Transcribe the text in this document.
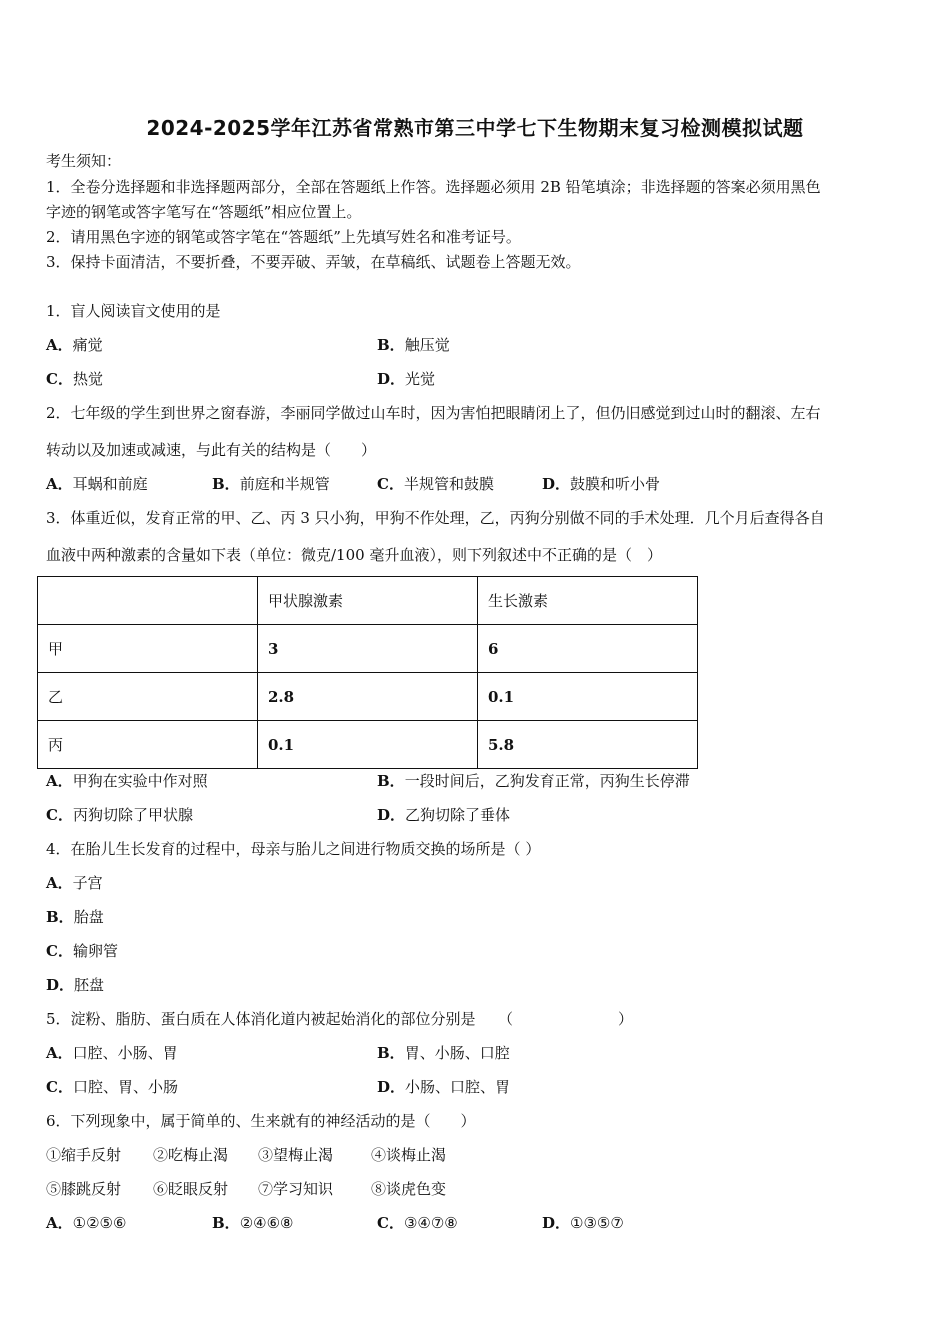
2024-2025学年江苏省常熟市第三中学七下生物期末复习检测模拟试题
考生须知：
1．全卷分选择题和非选择题两部分，全部在答题纸上作答。选择题必须用 2B 铅笔填涂；非选择题的答案必须用黑色
字迹的钢笔或答字笔写在“答题纸”相应位置上。
2．请用黑色字迹的钢笔或答字笔在“答题纸”上先填写姓名和准考证号。
3．保持卡面清洁，不要折叠，不要弄破、弄皱，在草稿纸、试题卷上答题无效。
1．盲人阅读盲文使用的是
A．痛觉	B．触压觉
C．热觉	D．光觉
2．七年级的学生到世界之窗春游，李丽同学做过山车时，因为害怕把眼睛闭上了，但仍旧感觉到过山时的翻滚、左右
转动以及加速或减速，与此有关的结构是（　　）
A．耳蜗和前庭	B．前庭和半规管	C．半规管和鼓膜	D．鼓膜和听小骨
3．体重近似，发育正常的甲、乙、丙 3 只小狗，甲狗不作处理，乙，丙狗分别做不同的手术处理．几个月后查得各自
血液中两种激素的含量如下表（单位：微克/100 毫升血液），则下列叙述中不正确的是（　）
	甲状腺激素	生长激素
甲	3	6
乙	2.8	0.1
丙	0.1	5.8
A．甲狗在实验中作对照	B．一段时间后，乙狗发育正常，丙狗生长停滞
C．丙狗切除了甲状腺	D．乙狗切除了垂体
4．在胎儿生长发育的过程中，母亲与胎儿之间进行物质交换的场所是（ ）
A．子宫
B．胎盘
C．输卵管
D．胚盘
5．淀粉、脂肪、蛋白质在人体消化道内被起始消化的部位分别是　　（　　　　　　　）
A．口腔、小肠、胃	B．胃、小肠、口腔
C．口腔、胃、小肠	D．小肠、口腔、胃
6．下列现象中，属于简单的、生来就有的神经活动的是（　　）
①缩手反射 ②吃梅止渴 ③望梅止渴	④谈梅止渴
⑤膝跳反射 ⑥眨眼反射 ⑦学习知识	⑧谈虎色变
A．①②⑤⑥	B．②④⑥⑧	C．③④⑦⑧	D．①③⑤⑦
